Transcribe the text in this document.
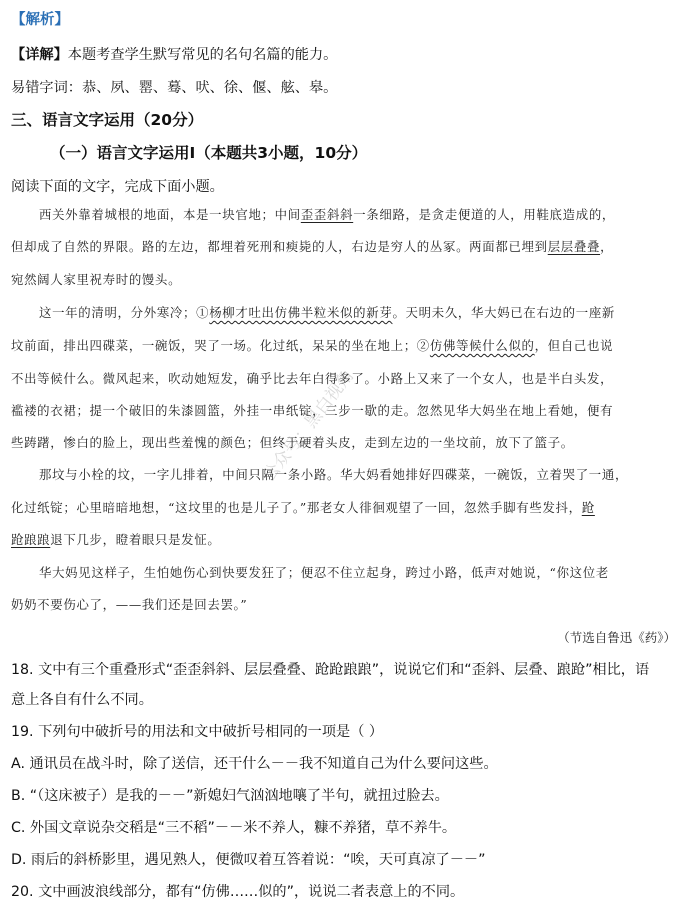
【解析】
【详解】本题考查学生默写常见的名句名篇的能力。
易错字词：恭、夙、罂、蓦、吠、徐、偃、舷、皋。
三、语言文字运用（20分）
（一）语言文字运用Ⅰ（本题共3小题，10分）
阅读下面的文字，完成下面小题。
西关外靠着城根的地面，本是一块官地；中间歪歪斜斜一条细路，是贪走便道的人，用鞋底造成的，
但却成了自然的界限。路的左边，都埋着死刑和瘐毙的人，右边是穷人的丛冢。两面都已埋到层层叠叠，
宛然阔人家里祝寿时的馒头。
这一年的清明，分外寒冷；①杨柳才吐出仿佛半粒米似的新芽。天明未久，华大妈已在右边的一座新
坟前面，排出四碟菜，一碗饭，哭了一场。化过纸，呆呆的坐在地上；②仿佛等候什么似的，但自己也说
不出等候什么。微风起来，吹动她短发，确乎比去年白得多了。小路上又来了一个女人，也是半白头发，
褴褛的衣裙；提一个破旧的朱漆圆篮，外挂一串纸锭，三步一歇的走。忽然见华大妈坐在地上看她，便有
些踌躇，惨白的脸上，现出些羞愧的颜色；但终于硬着头皮，走到左边的一坐坟前，放下了篮子。
那坟与小栓的坟，一字儿排着，中间只隔一条小路。华大妈看她排好四碟菜，一碗饭，立着哭了一通，
化过纸锭；心里暗暗地想，“这坟里的也是儿子了。”那老女人徘徊观望了一回，忽然手脚有些发抖，跄
跄踉踉退下几步，瞪着眼只是发怔。
华大妈见这样子，生怕她伤心到快要发狂了；便忍不住立起身，跨过小路，低声对她说，“你这位老
奶奶不要伤心了，——我们还是回去罢。”
（节选自鲁迅《药》）
18. 文中有三个重叠形式“歪歪斜斜、层层叠叠、跄跄踉踉”，说说它们和“歪斜、层叠、踉跄”相比，语
意上各自有什么不同。
19. 下列句中破折号的用法和文中破折号相同的一项是（ ）
A. 通讯员在战斗时，除了送信，还干什么－－我不知道自己为什么要问这些。
B. “（这床被子）是我的－－”新媳妇气汹汹地嚷了半句，就扭过脸去。
C. 外国文章说杂交稻是“三不稻”－－米不养人，糠不养猪，草不养牛。
D. 雨后的斜桥影里，遇见熟人，便微叹着互答着说：“唉，天可真凉了－－”
20. 文中画波浪线部分，都有“仿佛……似的”，说说二者表意上的不同。
公众号：黑白视角
